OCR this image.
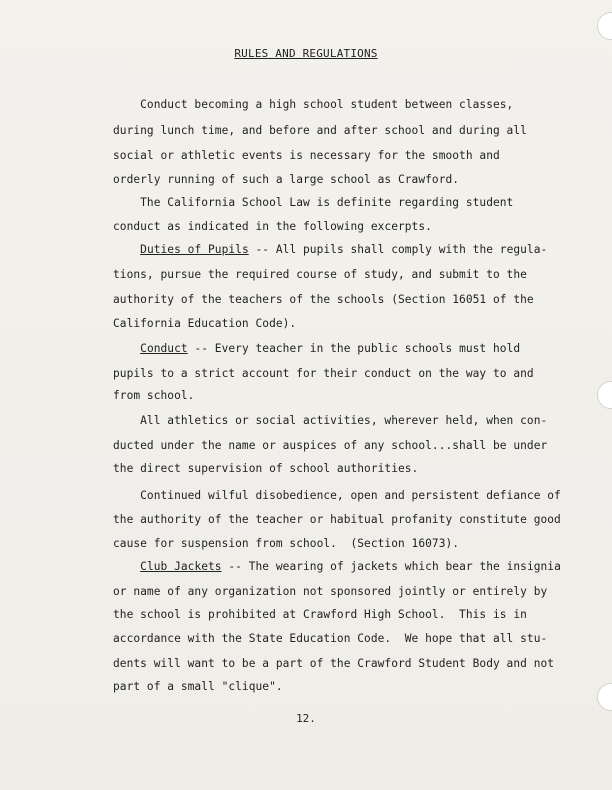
RULES AND REGULATIONS
Conduct becoming a high school student between classes,
during lunch time, and before and after school and during all
social or athletic events is necessary for the smooth and
orderly running of such a large school as Crawford.
The California School Law is definite regarding student
conduct as indicated in the following excerpts.
Duties of Pupils -- All pupils shall comply with the regula-
tions, pursue the required course of study, and submit to the
authority of the teachers of the schools (Section 16051 of the
California Education Code).
Conduct -- Every teacher in the public schools must hold
pupils to a strict account for their conduct on the way to and
from school.
All athletics or social activities, wherever held, when con-
ducted under the name or auspices of any school...shall be under
the direct supervision of school authorities.
Continued wilful disobedience, open and persistent defiance of
the authority of the teacher or habitual profanity constitute good
cause for suspension from school.  (Section 16073).
Club Jackets -- The wearing of jackets which bear the insignia
or name of any organization not sponsored jointly or entirely by
the school is prohibited at Crawford High School.  This is in
accordance with the State Education Code.  We hope that all stu-
dents will want to be a part of the Crawford Student Body and not
part of a small "clique".
12.
